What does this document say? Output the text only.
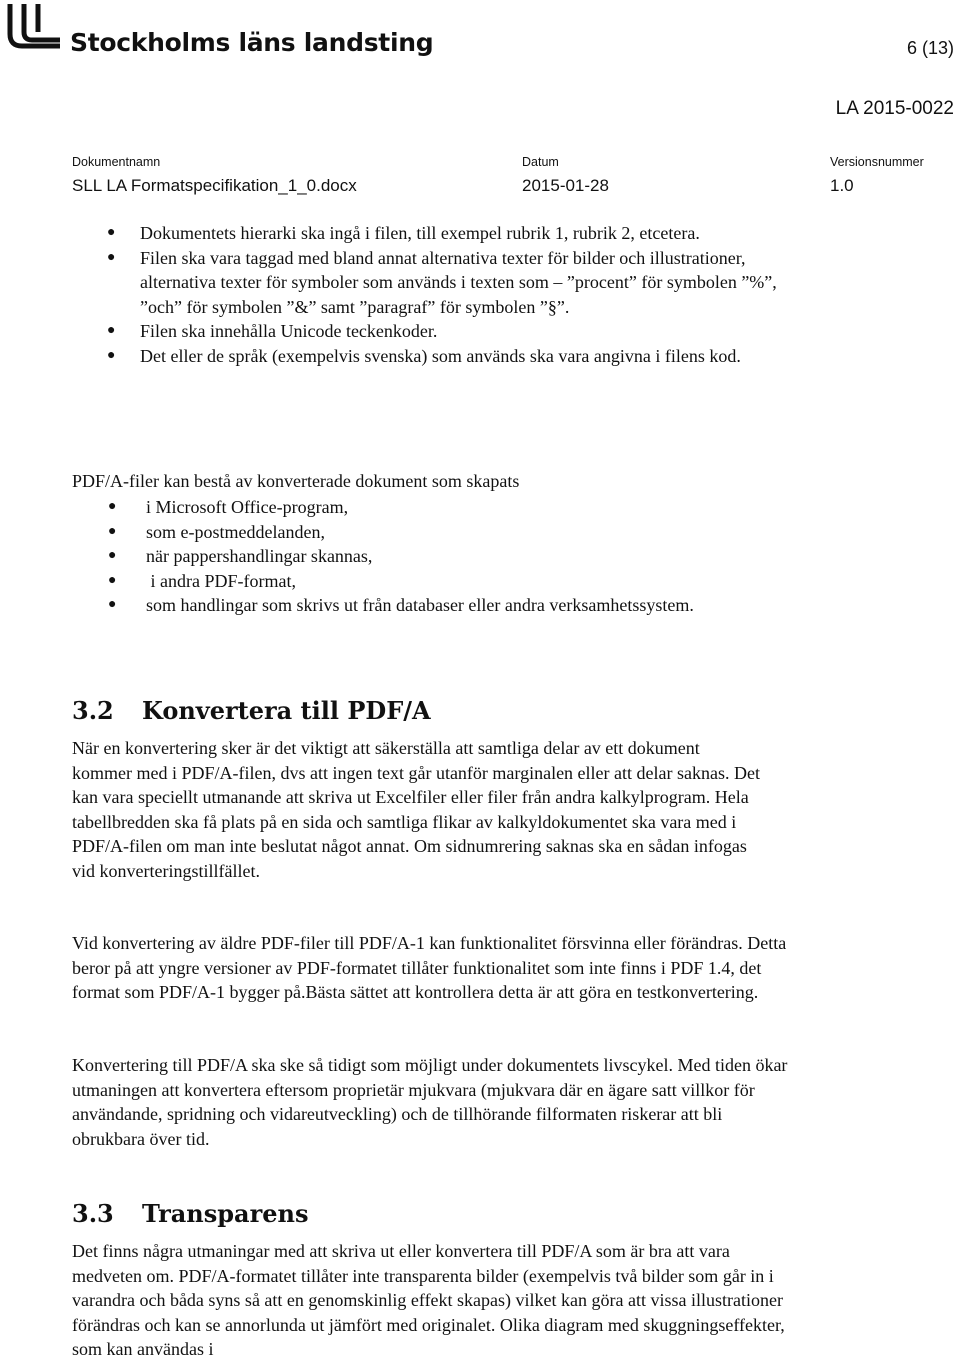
Stockholms läns landsting	6 (13)
LA 2015-0022
Dokumentnamn
SLL LA Formatspecifikation_1_0.docx
Datum
2015-01-28
Versionsnummer
1.0
● Dokumentets hierarki ska ingå i filen, till exempel rubrik 1, rubrik 2, etcetera.
● Filen ska vara taggad med bland annat alternativa texter för bilder och illustrationer, alternativa texter för symboler som används i texten som – ”procent” för symbolen ”%”, ”och” för symbolen ”&” samt ”paragraf” för symbolen ”§”.
● Filen ska innehålla Unicode teckenkoder.
● Det eller de språk (exempelvis svenska) som används ska vara angivna i filens kod.

PDF/A-filer kan bestå av konverterade dokument som skapats

● i Microsoft Office-program,
● som e-postmeddelanden,
● när pappershandlingar skannas,
● i andra PDF-format,
● som handlingar som skrivs ut från databaser eller andra verksamhetssystem.
3.2 Konvertera till PDF/A

När en konvertering sker är det viktigt att säkerställa att samtliga delar av ett dokument kommer med i PDF/A-filen, dvs att ingen text går utanför marginalen eller att delar saknas. Det kan vara speciellt utmanande att skriva ut Excelfiler eller filer från andra kalkylprogram. Hela tabellbredden ska få plats på en sida och samtliga flikar av kalkyldokumentet ska vara med i PDF/A-filen om man inte beslutat något annat. Om sidnumrering saknas ska en sådan infogas vid konverteringstillfället.

Vid konvertering av äldre PDF-filer till PDF/A-1 kan funktionalitet försvinna eller förändras. Detta beror på att yngre versioner av PDF-formatet tillåter funktionalitet som inte finns i PDF 1.4, det format som PDF/A-1 bygger på.Bästa sättet att kontrollera detta är att göra en testkonvertering.

Konvertering till PDF/A ska ske så tidigt som möjligt under dokumentets livscykel. Med tiden ökar utmaningen att konvertera eftersom proprietär mjukvara (mjukvara där en ägare satt villkor för användande, spridning och vidareutveckling) och de tillhörande filformaten riskerar att bli obrukbara över tid.

3.3 Transparens

Det finns några utmaningar med att skriva ut eller konvertera till PDF/A som är bra att vara medveten om. PDF/A-formatet tillåter inte transparenta bilder (exempelvis två bilder som går in i varandra och båda syns så att en genomskinlig effekt skapas) vilket kan göra att vissa illustrationer förändras och kan se annorlunda ut jämfört med originalet. Olika diagram med skuggningseffekter, som kan användas i
